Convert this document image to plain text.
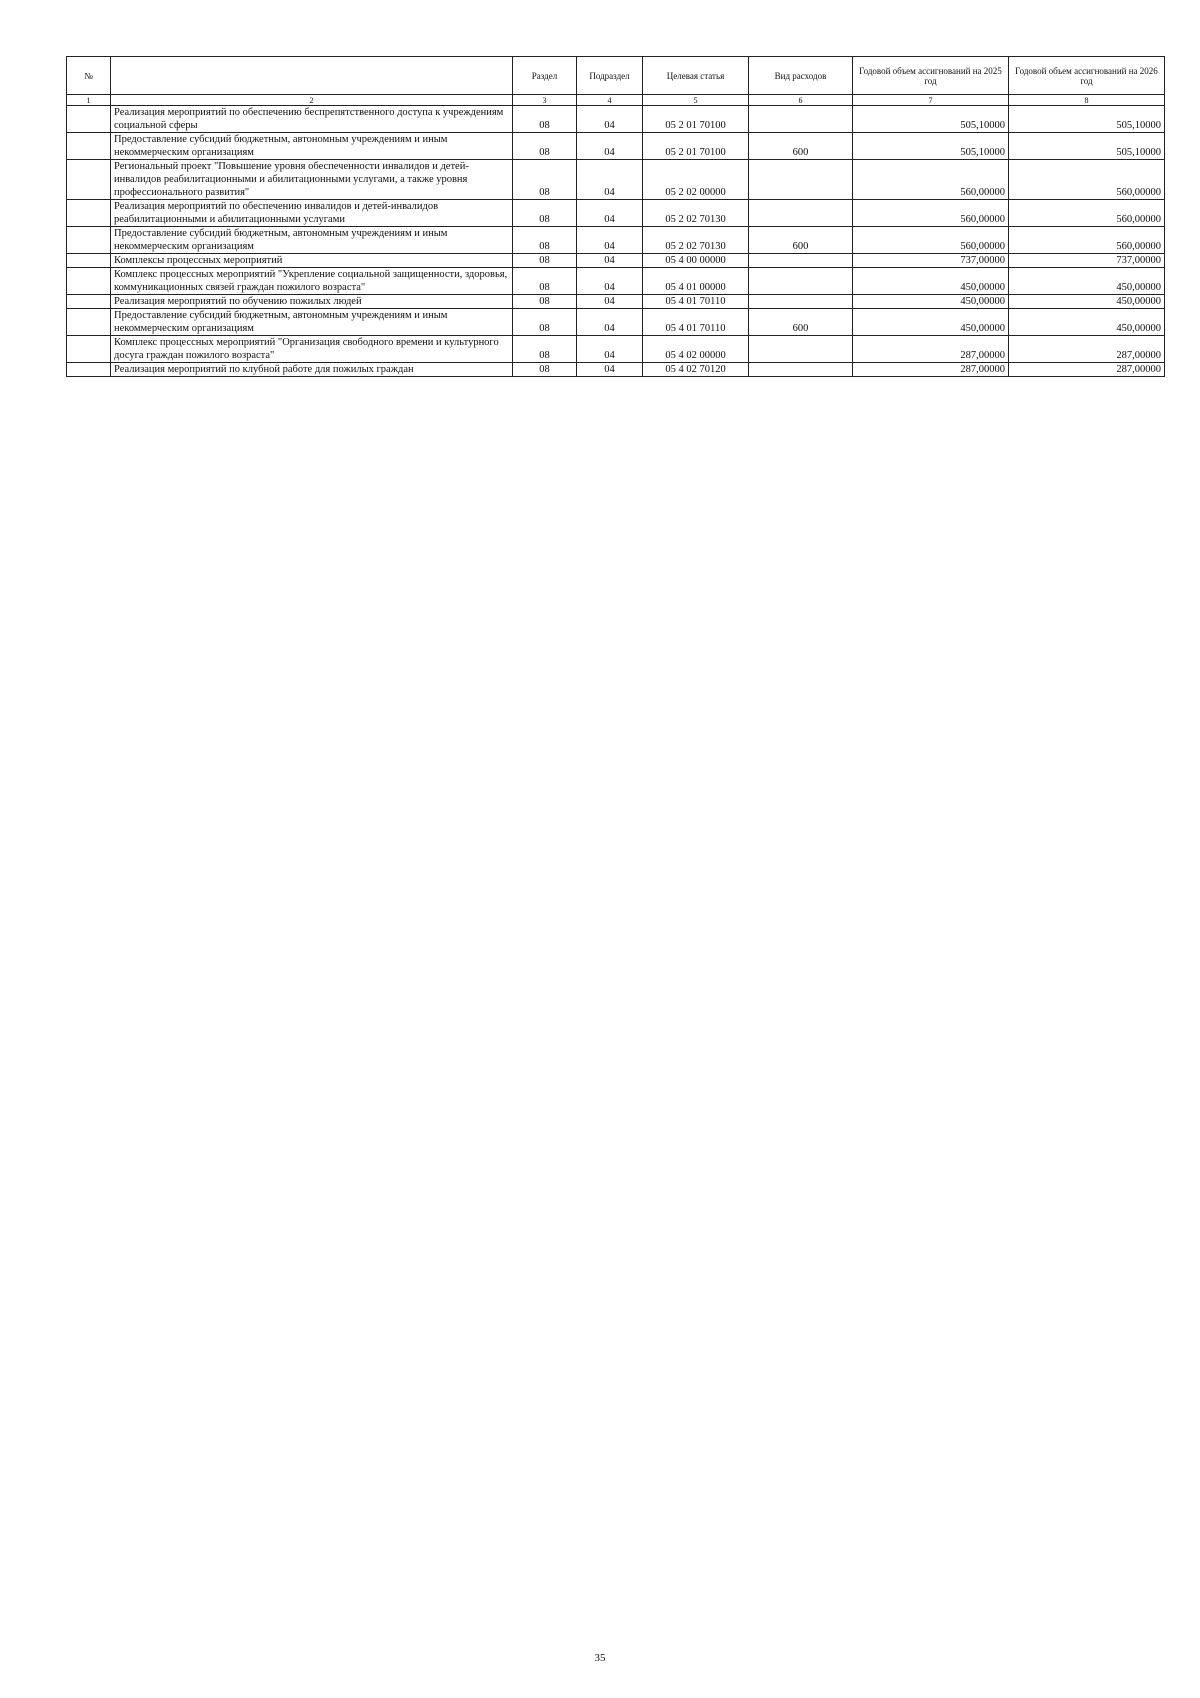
№		Раздел	Подраздел	Целевая статья	Вид расходов	Годовой объем ассигнований на 2025 год	Годовой объем ассигнований на 2026 год
1	2	3	4	5	6	7	8
	Реализация мероприятий по обеспечению беспрепятственного доступа к учреждениям социальной сферы	08	04	05 2 01 70100		505,10000	505,10000
	Предоставление субсидий бюджетным, автономным учреждениям и иным некоммерческим организациям	08	04	05 2 01 70100	600	505,10000	505,10000
	Региональный проект "Повышение уровня обеспеченности инвалидов и детей-инвалидов реабилитационными и абилитационными услугами, а также уровня профессионального развития"	08	04	05 2 02 00000		560,00000	560,00000
	Реализация мероприятий по обеспечению инвалидов и детей-инвалидов реабилитационными и абилитационными услугами	08	04	05 2 02 70130		560,00000	560,00000
	Предоставление субсидий бюджетным, автономным учреждениям и иным некоммерческим организациям	08	04	05 2 02 70130	600	560,00000	560,00000
	Комплексы процессных мероприятий	08	04	05 4 00 00000		737,00000	737,00000
	Комплекс процессных мероприятий "Укрепление социальной защищенности, здоровья, коммуникационных связей граждан пожилого возраста"	08	04	05 4 01 00000		450,00000	450,00000
	Реализация мероприятий по обучению пожилых людей	08	04	05 4 01 70110		450,00000	450,00000
	Предоставление субсидий бюджетным, автономным учреждениям и иным некоммерческим организациям	08	04	05 4 01 70110	600	450,00000	450,00000
	Комплекс процессных мероприятий "Организация свободного времени и культурного досуга граждан пожилого возраста"	08	04	05 4 02 00000		287,00000	287,00000
	Реализация мероприятий по клубной работе для пожилых граждан	08	04	05 4 02 70120		287,00000	287,00000
35
